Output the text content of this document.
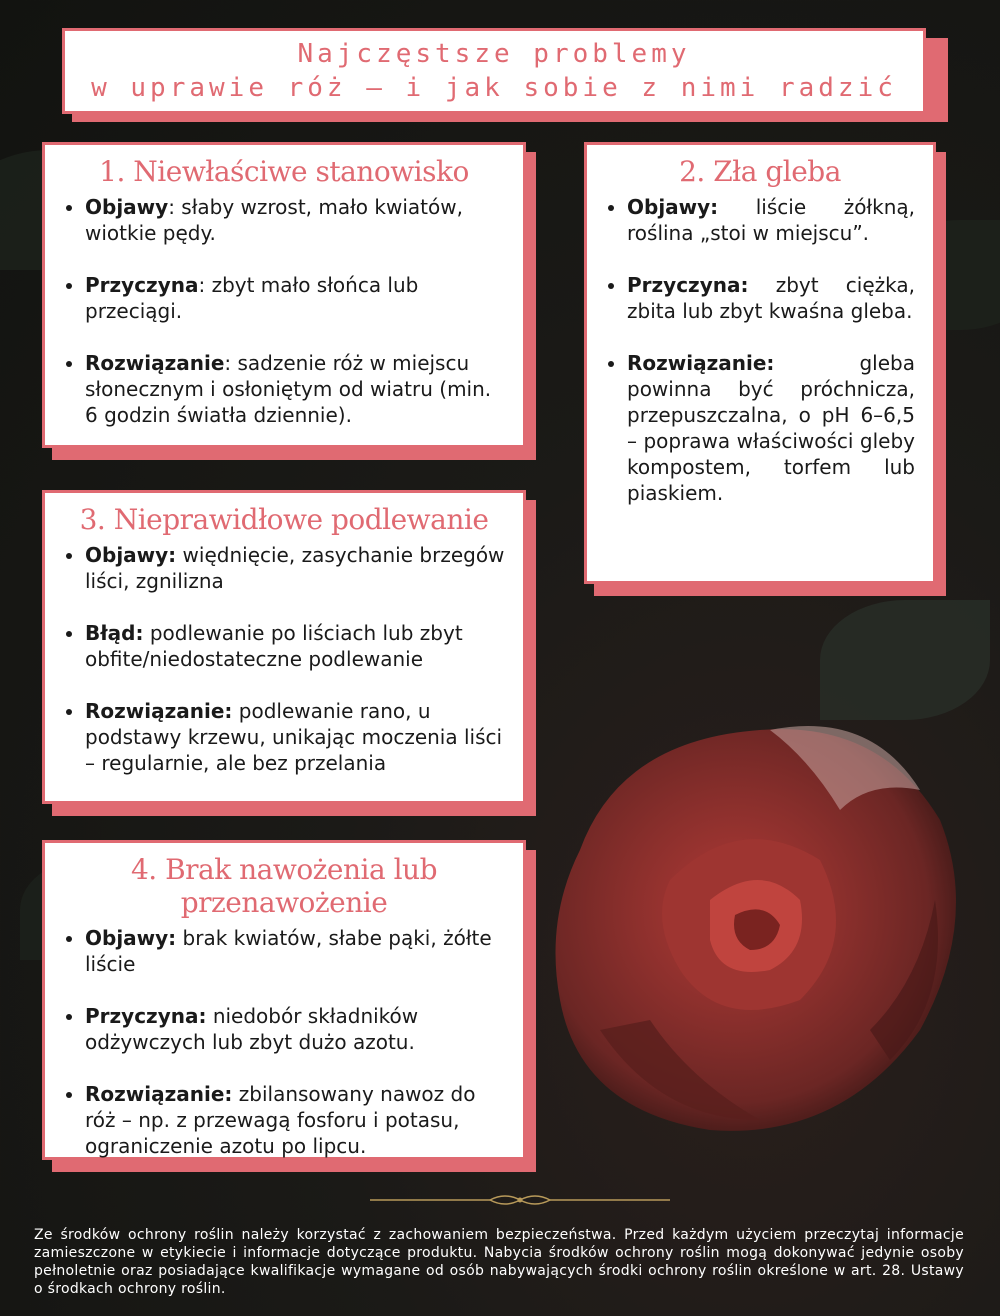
Najczęstsze problemy
w uprawie róż – i jak sobie z nimi radzić
1. Niewłaściwe stanowisko
• Objawy: słaby wzrost, mało kwiatów, wiotkie pędy.
• Przyczyna: zbyt mało słońca lub przeciągi.
• Rozwiązanie: sadzenie róż w miejscu słonecznym i osłoniętym od wiatru (min. 6 godzin światła dziennie).
2. Zła gleba
• Objawy: liście żółkną, roślina „stoi w miejscu”.
• Przyczyna: zbyt ciężka, zbita lub zbyt kwaśna gleba.
• Rozwiązanie: gleba powinna być próchnicza, przepuszczalna, o pH 6–6,5 – poprawa właściwości gleby kompostem, torfem lub piaskiem.
3. Nieprawidłowe podlewanie
• Objawy: więdnięcie, zasychanie brzegów liści, zgnilizna
• Błąd: podlewanie po liściach lub zbyt obfite/niedostateczne podlewanie
• Rozwiązanie: podlewanie rano, u podstawy krzewu, unikając moczenia liści – regularnie, ale bez przelania
4. Brak nawożenia lub przenawożenie
• Objawy: brak kwiatów, słabe pąki, żółte liście
• Przyczyna: niedobór składników odżywczych lub zbyt dużo azotu.
• Rozwiązanie: zbilansowany nawoz do róż – np. z przewagą fosforu i potasu, ograniczenie azotu po lipcu.
Ze środków ochrony roślin należy korzystać z zachowaniem bezpieczeństwa. Przed każdym użyciem przeczytaj informacje zamieszczone w etykiecie i informacje dotyczące produktu. Nabycia środków ochrony roślin mogą dokonywać jedynie osoby pełnoletnie oraz posiadające kwalifikacje wymagane od osób nabywających środki ochrony roślin określone w art. 28. Ustawy o środkach ochrony roślin.
